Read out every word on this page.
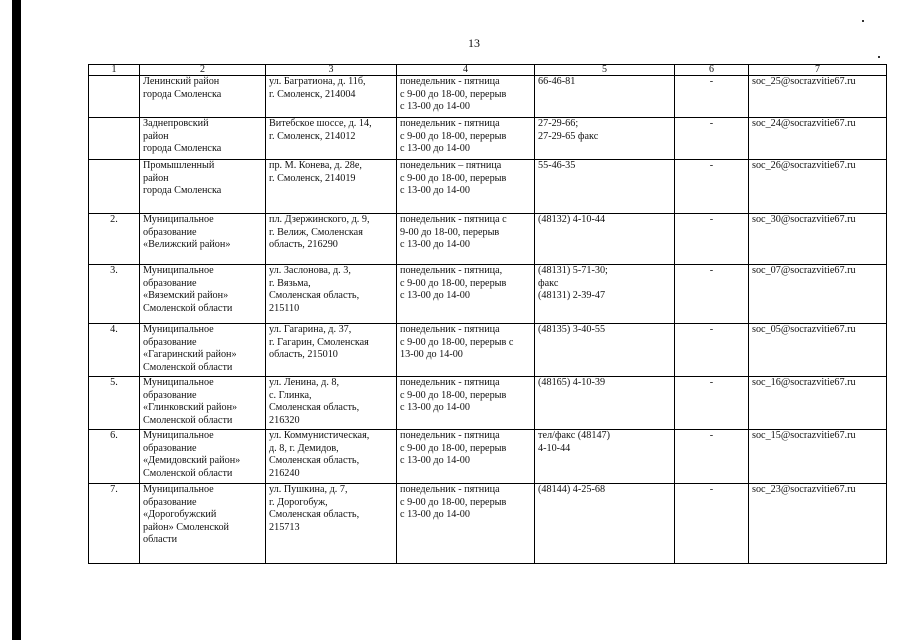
13
1	2	3	4	5	6	7

	Ленинский район
города Смоленска	ул. Багратиона, д. 11б,
г. Смоленск, 214004	понедельник - пятница
с 9-00 до 18-00, перерыв
с 13-00 до 14-00	66-46-81	-	soc_25@socrazvitie67.ru

	Заднепровский
район
города Смоленска	Витебское шоссе, д. 14,
г. Смоленск, 214012	понедельник - пятница
с 9-00 до 18-00, перерыв
с 13-00 до 14-00	27-29-66;
27-29-65 факс	-	soc_24@socrazvitie67.ru

	Промышленный
район
города Смоленска	пр. М. Конева, д. 28е,
г. Смоленск, 214019	понедельник – пятница
с 9-00 до 18-00, перерыв
с 13-00 до 14-00	55-46-35	-	soc_26@socrazvitie67.ru
2.	Муниципальное
образование
«Велижский район»	пл. Дзержинского, д. 9,
г. Велиж, Смоленская
область, 216290	понедельник - пятница с
9-00 до 18-00, перерыв
с 13-00 до 14-00	(48132) 4-10-44	-	soc_30@socrazvitie67.ru
3.	Муниципальное
образование
«Вяземский район»
Смоленской области	ул. Заслонова, д. 3,
г. Вязьма,
Смоленская область,
215110	понедельник - пятница,
с 9-00 до 18-00, перерыв
с 13-00 до 14-00	(48131) 5-71-30;
факс
(48131) 2-39-47	-	soc_07@socrazvitie67.ru
4.	Муниципальное
образование
«Гагаринский район»
Смоленской области	ул. Гагарина, д. 37,
г. Гагарин, Смоленская
область, 215010	понедельник - пятница
с 9-00 до 18-00, перерыв с
13-00 до 14-00	(48135) 3-40-55	-	soc_05@socrazvitie67.ru
5.	Муниципальное
образование
«Глинковский район»
Смоленской области	ул. Ленина, д. 8,
с. Глинка,
Смоленская область,
216320	понедельник - пятница
с 9-00 до 18-00, перерыв
с 13-00 до 14-00	(48165) 4-10-39	-	soc_16@socrazvitie67.ru
6.	Муниципальное
образование
«Демидовский район»
Смоленской области	ул. Коммунистическая,
д. 8, г. Демидов,
Смоленская область,
216240	понедельник - пятница
с 9-00 до 18-00, перерыв
с 13-00 до 14-00	тел/факс (48147)
4-10-44	-	soc_15@socrazvitie67.ru
7.	Муниципальное
образование
«Дорогобужский
район» Смоленской
области	ул. Пушкина, д. 7,
г. Дорогобуж,
Смоленская область,
215713	понедельник - пятница
с 9-00 до 18-00, перерыв
с 13-00 до 14-00	(48144) 4-25-68	-	soc_23@socrazvitie67.ru
